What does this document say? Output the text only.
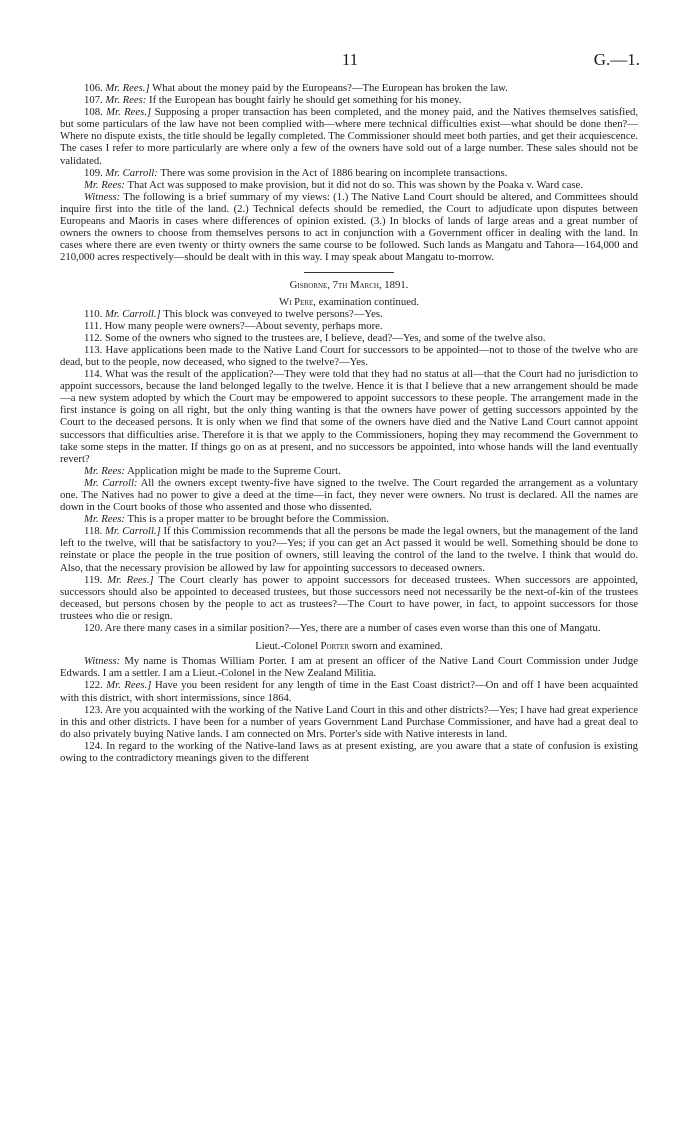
11	G.—1.

106. Mr. Rees.] What about the money paid by the Europeans?—The European has broken the law.

107. Mr. Rees: If the European has bought fairly he should get something for his money.

108. Mr. Rees.] Supposing a proper transaction has been completed, and the money paid, and the Natives themselves satisfied, but some particulars of the law have not been complied with—where mere technical difficulties exist—what should be done then?—Where no dispute exists, the title should be legally completed. The Commissioner should meet both parties, and get their acquiescence. The cases I refer to more particularly are where only a few of the owners have sold out of a large number. These sales should not be validated.

109. Mr. Carroll: There was some provision in the Act of 1886 bearing on incomplete transactions.

Mr. Rees: That Act was supposed to make provision, but it did not do so. This was shown by the Poaka v. Ward case.

Witness: The following is a brief summary of my views: (1.) The Native Land Court should be altered, and Committees should inquire first into the title of the land. (2.) Technical defects should be remedied, the Court to adjudicate upon disputes between Europeans and Maoris in cases where differences of opinion existed. (3.) In blocks of lands of large areas and a great number of owners the owners to choose from themselves persons to act in conjunction with a Government officer in dealing with the land. In cases where there are even twenty or thirty owners the same course to be followed. Such lands as Mangatu and Tahora—164,000 and 210,000 acres respectively—should be dealt with in this way. I may speak about Mangatu to-morrow.

Gisborne, 7th March, 1891.

Wi Pere, examination continued.

110. Mr. Carroll.] This block was conveyed to twelve persons?—Yes.

111. How many people were owners?—About seventy, perhaps more.

112. Some of the owners who signed to the trustees are, I believe, dead?—Yes, and some of the twelve also.

113. Have applications been made to the Native Land Court for successors to be appointed—not to those of the twelve who are dead, but to the people, now deceased, who signed to the twelve?—Yes.

114. What was the result of the application?—They were told that they had no status at all—that the Court had no jurisdiction to appoint successors, because the land belonged legally to the twelve. Hence it is that I believe that a new arrangement should be made—a new system adopted by which the Court may be empowered to appoint successors to these people. The arrangement made in the first instance is going on all right, but the only thing wanting is that the owners have power of getting successors appointed by the Court to the deceased persons. It is only when we find that some of the owners have died and the Native Land Court cannot appoint successors that difficulties arise. Therefore it is that we apply to the Commissioners, hoping they may recommend the Government to take some steps in the matter. If things go on as at present, and no successors be appointed, into whose hands will the land eventually revert?

Mr. Rees: Application might be made to the Supreme Court.

Mr. Carroll: All the owners except twenty-five have signed to the twelve. The Court regarded the arrangement as a voluntary one. The Natives had no power to give a deed at the time—in fact, they never were owners. No trust is declared. All the names are down in the Court books of those who assented and those who dissented.

Mr. Rees: This is a proper matter to be brought before the Commission.

118. Mr. Carroll.] If this Commission recommends that all the persons be made the legal owners, but the management of the land left to the twelve, will that be satisfactory to you?—Yes; if you can get an Act passed it would be well. Something should be done to reinstate or place the people in the true position of owners, still leaving the control of the land to the twelve. I think that would do. Also, that the necessary provision be allowed by law for appointing successors to deceased owners.

119. Mr. Rees.] The Court clearly has power to appoint successors for deceased trustees. When successors are appointed, successors should also be appointed to deceased trustees, but those successors need not necessarily be the next-of-kin of the trustees deceased, but persons chosen by the people to act as trustees?—The Court to have power, in fact, to appoint successors for those trustees who die or resign.

120. Are there many cases in a similar position?—Yes, there are a number of cases even worse than this one of Mangatu.

Lieut.-Colonel Porter sworn and examined.

Witness: My name is Thomas William Porter. I am at present an officer of the Native Land Court Commission under Judge Edwards. I am a settler. I am a Lieut.-Colonel in the New Zealand Militia.

122. Mr. Rees.] Have you been resident for any length of time in the East Coast district?—On and off I have been acquainted with this district, with short intermissions, since 1864.

123. Are you acquainted with the working of the Native Land Court in this and other districts?—Yes; I have had great experience in this and other districts. I have been for a number of years Government Land Purchase Commissioner, and have had a great deal to do also privately buying Native lands. I am connected on Mrs. Porter's side with Native interests in land.

124. In regard to the working of the Native-land laws as at present existing, are you aware that a state of confusion is existing owing to the contradictory meanings given to the different
